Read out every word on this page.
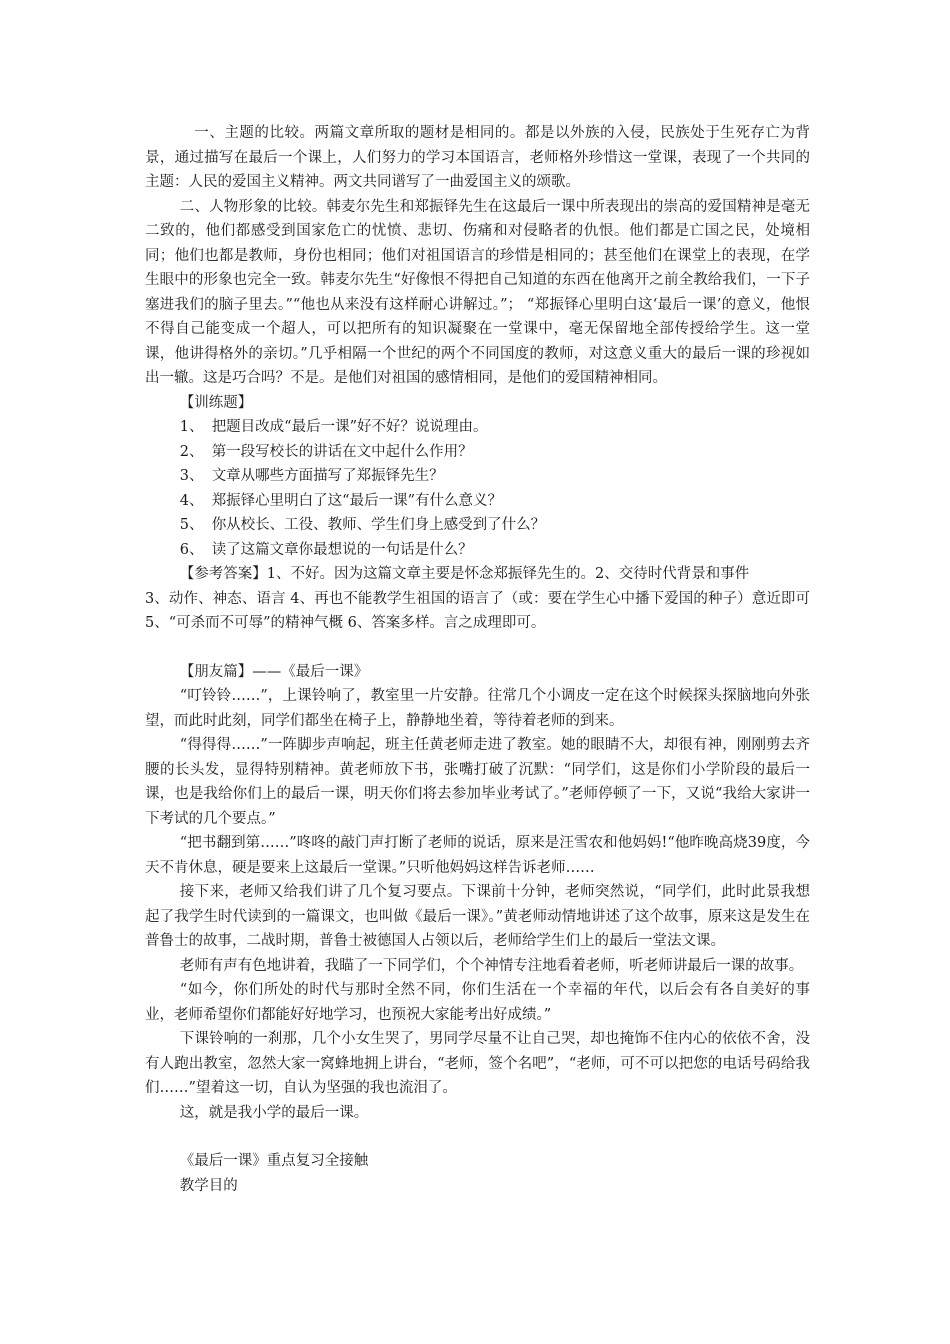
一、主题的比较。两篇文章所取的题材是相同的。都是以外族的入侵，民族处于生死存亡为背景，通过描写在最后一个课上，人们努力的学习本国语言，老师格外珍惜这一堂课，表现了一个共同的主题：人民的爱国主义精神。两文共同谱写了一曲爱国主义的颂歌。

二、人物形象的比较。韩麦尔先生和郑振铎先生在这最后一课中所表现出的崇高的爱国精神是毫无二致的，他们都感受到国家危亡的忧愤、悲切、伤痛和对侵略者的仇恨。他们都是亡国之民，处境相同；他们也都是教师，身份也相同；他们对祖国语言的珍惜是相同的；甚至他们在课堂上的表现，在学生眼中的形象也完全一致。韩麦尔先生“好像恨不得把自己知道的东西在他离开之前全教给我们，一下子塞进我们的脑子里去。”“他也从来没有这样耐心讲解过。”； “郑振铎心里明白这‘最后一课’的意义，他恨不得自己能变成一个超人，可以把所有的知识凝聚在一堂课中，毫无保留地全部传授给学生。这一堂课，他讲得格外的亲切。”几乎相隔一个世纪的两个不同国度的教师，对这意义重大的最后一课的珍视如出一辙。这是巧合吗？不是。是他们对祖国的感情相同，是他们的爱国精神相同。

【训练题】

1、 把题目改成“最后一课”好不好？说说理由。

2、 第一段写校长的讲话在文中起什么作用？

3、 文章从哪些方面描写了郑振铎先生？

4、 郑振铎心里明白了这“最后一课”有什么意义？

5、 你从校长、工役、教师、学生们身上感受到了什么？

6、 读了这篇文章你最想说的一句话是什么？

【参考答案】1、不好。因为这篇文章主要是怀念郑振铎先生的。2、交待时代背景和事件

3、动作、神态、语言 4、再也不能教学生祖国的语言了（或：要在学生心中播下爱国的种子）意近即可 5、“可杀而不可辱”的精神气概 6、答案多样。言之成理即可。

【朋友篇】——《最后一课》

“叮铃铃……”，上课铃响了，教室里一片安静。往常几个小调皮一定在这个时候探头探脑地向外张望，而此时此刻，同学们都坐在椅子上，静静地坐着，等待着老师的到来。

“得得得……”一阵脚步声响起，班主任黄老师走进了教室。她的眼睛不大，却很有神，刚刚剪去齐腰的长头发，显得特别精神。黄老师放下书，张嘴打破了沉默：“同学们，这是你们小学阶段的最后一课，也是我给你们上的最后一课，明天你们将去参加毕业考试了。”老师停顿了一下，又说“我给大家讲一下考试的几个要点。”

“把书翻到第……”咚咚的敲门声打断了老师的说话，原来是汪雪农和他妈妈!“他昨晚高烧39度，今天不肯休息，硬是要来上这最后一堂课。”只听他妈妈这样告诉老师……

接下来，老师又给我们讲了几个复习要点。下课前十分钟，老师突然说，“同学们，此时此景我想起了我学生时代读到的一篇课文，也叫做《最后一课》。”黄老师动情地讲述了这个故事，原来这是发生在普鲁士的故事，二战时期，普鲁士被德国人占领以后，老师给学生们上的最后一堂法文课。

老师有声有色地讲着，我瞄了一下同学们，个个神情专注地看着老师，听老师讲最后一课的故事。

“如今，你们所处的时代与那时全然不同，你们生活在一个幸福的年代，以后会有各自美好的事业，老师希望你们都能好好地学习，也预祝大家能考出好成绩。”

下课铃响的一刹那，几个小女生哭了，男同学尽量不让自己哭，却也掩饰不住内心的依依不舍，没有人跑出教室，忽然大家一窝蜂地拥上讲台，“老师，签个名吧”，“老师，可不可以把您的电话号码给我们……”望着这一切，自认为坚强的我也流泪了。

这，就是我小学的最后一课。

《最后一课》重点复习全接触

教学目的
